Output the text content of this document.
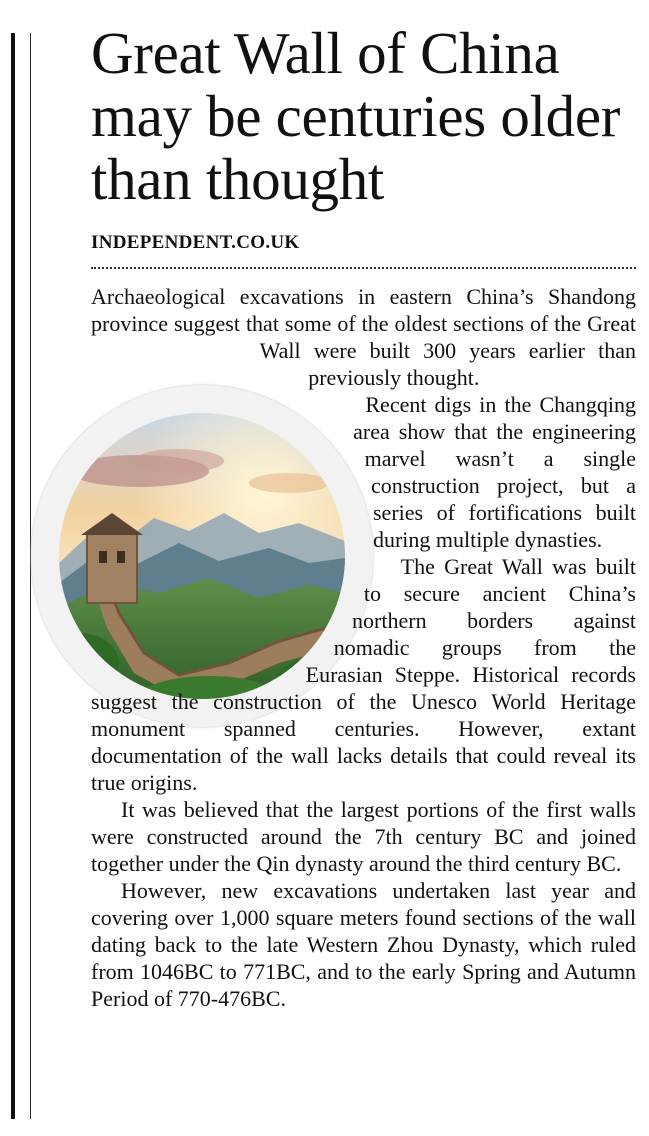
Great Wall of China may be centuries older than thought
INDEPENDENT.CO.UK

Archaeological excavations in eastern China’s Shandong province suggest that some of the oldest sections of the Great Wall were built 300 years earlier than previously thought.

Recent digs in the Changqing area show that the engineering marvel wasn’t a single construction project, but a series of fortifications built during multiple dynasties.

The Great Wall was built to secure ancient China’s northern borders against nomadic groups from the Eurasian Steppe. Historical records suggest the construction of the Unesco World Heritage monument spanned centuries. However, extant documentation of the wall lacks details that could reveal its true origins.

It was believed that the largest portions of the first walls were constructed around the 7th century BC and joined together under the Qin dynasty around the third century BC.

However, new excavations undertaken last year and covering over 1,000 square meters found sections of the wall dating back to the late Western Zhou Dynasty, which ruled from 1046BC to 771BC, and to the early Spring and Autumn Period of 770-476BC.
